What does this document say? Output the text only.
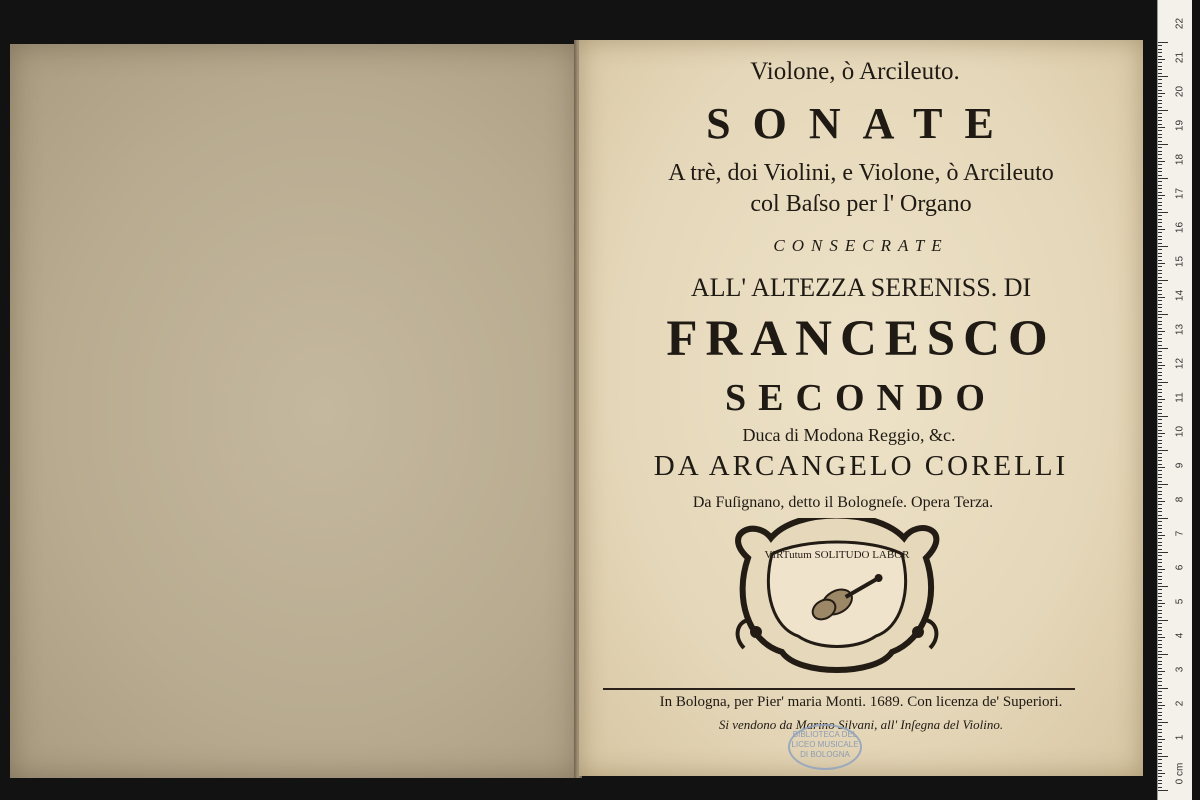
Violone, ò Arcileuto.
SONATE
A trè, doi Violini, e Violone, ò Arcileuto
col Baſso per l' Organo
CONSECRATE
ALL' ALTEZZA SERENISS. DI
FRANCESCO
SECONDO
Duca di Modona Reggio, &c.
DA ARCANGELO CORELLI
Da Fuſignano, detto il Bologneſe. Opera Terza.
VIRTutum SOLITUDO LABOR
In Bologna, per Pier' maria Monti. 1689. Con licenza de' Superiori.
Si vendono da Marino Silvani, all' Inſegna del Violino.
BIBLIOTECA DEL LICEO MUSICALE DI BOLOGNA
0 cm
1
2
3
4
5
6
7
8
9
10
11
12
13
14
15
16
17
18
19
20
21
22
